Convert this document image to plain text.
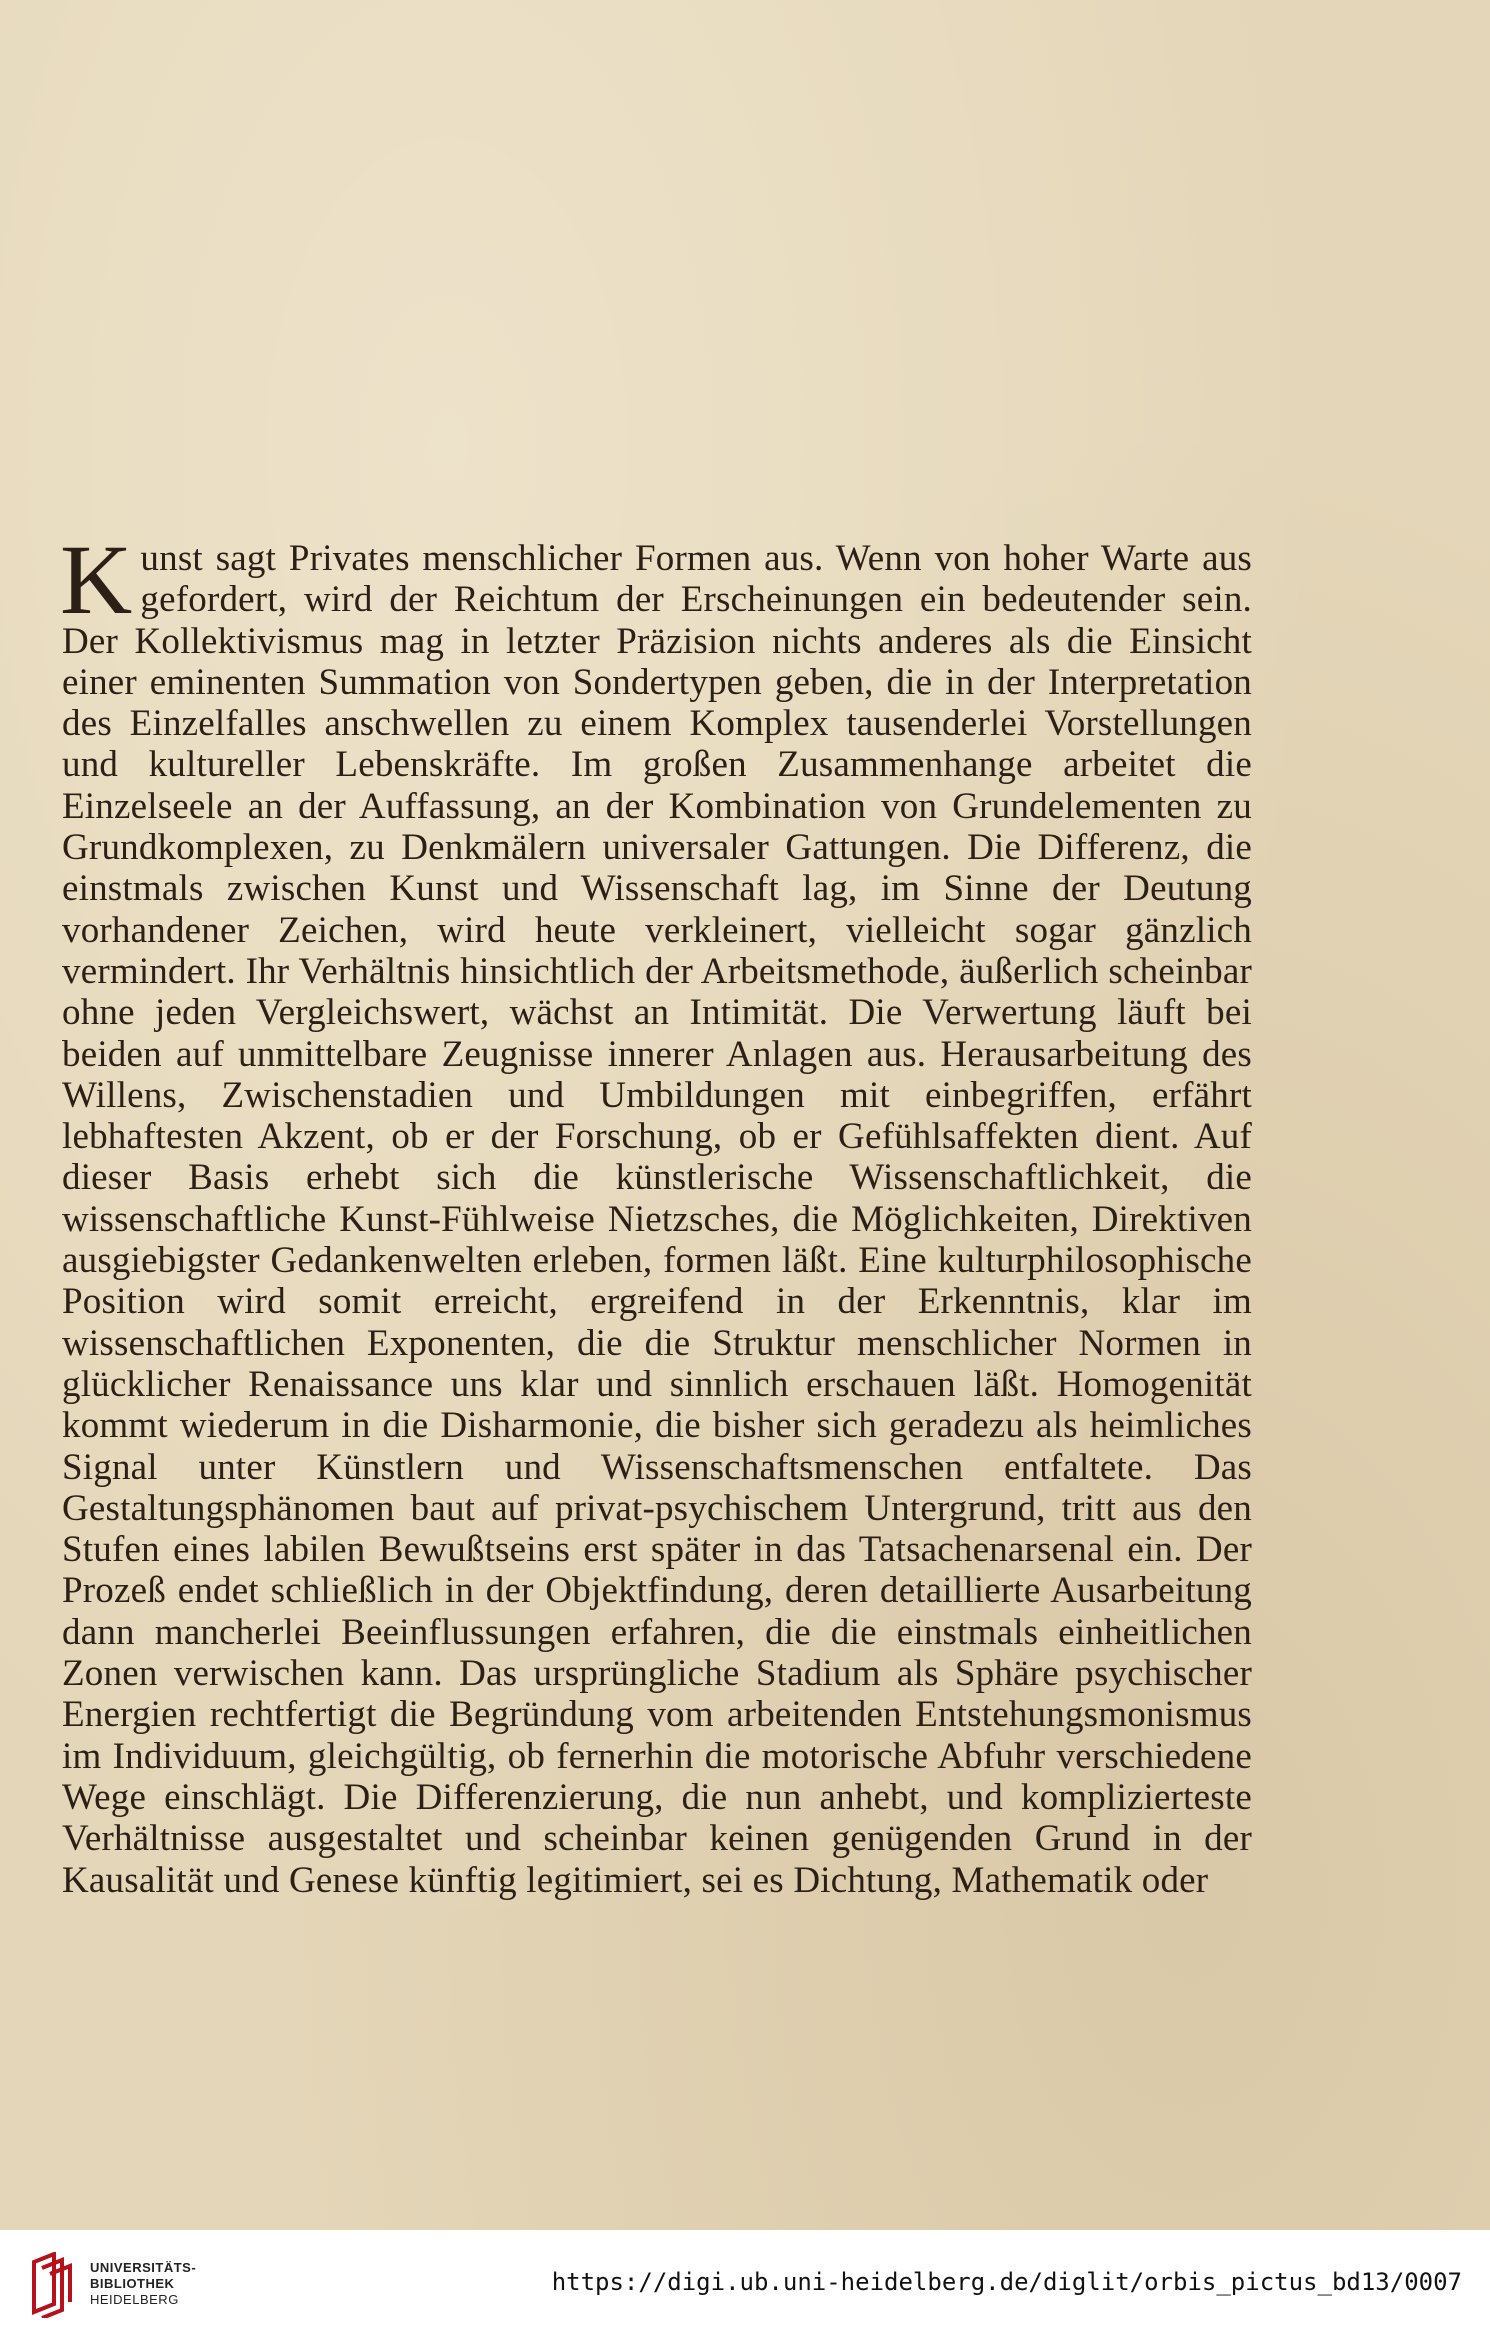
K unst sagt Privates menschlicher Formen aus. Wenn von hoher Warte aus gefordert, wird der Reichtum der Erscheinungen ein bedeutender sein. Der Kollektivismus mag in letzter Präzision nichts anderes als die Einsicht einer eminenten Summation von Sondertypen geben, die in der Interpretation des Einzelfalles anschwellen zu einem Komplex tausenderlei Vorstellungen und kultureller Lebenskräfte. Im großen Zusammenhange arbeitet die Einzelseele an der Auffassung, an der Kombination von Grundelementen zu Grundkomplexen, zu Denkmälern universaler Gattungen. Die Differenz, die einstmals zwischen Kunst und Wissenschaft lag, im Sinne der Deutung vorhandener Zeichen, wird heute verkleinert, vielleicht sogar gänzlich vermindert. Ihr Verhältnis hinsichtlich der Arbeitsmethode, äußerlich scheinbar ohne jeden Vergleichswert, wächst an Intimität. Die Verwertung läuft bei beiden auf unmittelbare Zeugnisse innerer Anlagen aus. Herausarbeitung des Willens, Zwischenstadien und Umbildungen mit einbegriffen, erfährt lebhaftesten Akzent, ob er der Forschung, ob er Gefühlsaffekten dient. Auf dieser Basis erhebt sich die künstlerische Wissenschaftlichkeit, die wissenschaftliche Kunst-Fühlweise Nietzsches, die Möglichkeiten, Direktiven ausgiebigster Gedankenwelten erleben, formen läßt. Eine kulturphilosophische Position wird somit erreicht, ergreifend in der Erkenntnis, klar im wissenschaftlichen Exponenten, die die Struktur menschlicher Normen in glücklicher Renaissance uns klar und sinnlich erschauen läßt. Homogenität kommt wiederum in die Disharmonie, die bisher sich geradezu als heimliches Signal unter Künstlern und Wissenschaftsmenschen entfaltete. Das Gestaltungsphänomen baut auf privat-psychischem Untergrund, tritt aus den Stufen eines labilen Bewußtseins erst später in das Tatsachenarsenal ein. Der Prozeß endet schließlich in der Objektfindung, deren detaillierte Ausarbeitung dann mancherlei Beeinflussungen erfahren, die die einstmals einheitlichen Zonen verwischen kann. Das ursprüngliche Stadium als Sphäre psychischer Energien rechtfertigt die Begründung vom arbeitenden Entstehungsmonismus im Individuum, gleichgültig, ob fernerhin die motorische Abfuhr verschiedene Wege einschlägt. Die Differenzierung, die nun anhebt, und komplizierteste Verhältnisse ausgestaltet und scheinbar keinen genügenden Grund in der Kausalität und Genese künftig legitimiert, sei es Dichtung, Mathematik oder

UNIVERSITÄTS-
BIBLIOTHEK
HEIDELBERG
https://digi.ub.uni-heidelberg.de/diglit/orbis_pictus_bd13/0007
